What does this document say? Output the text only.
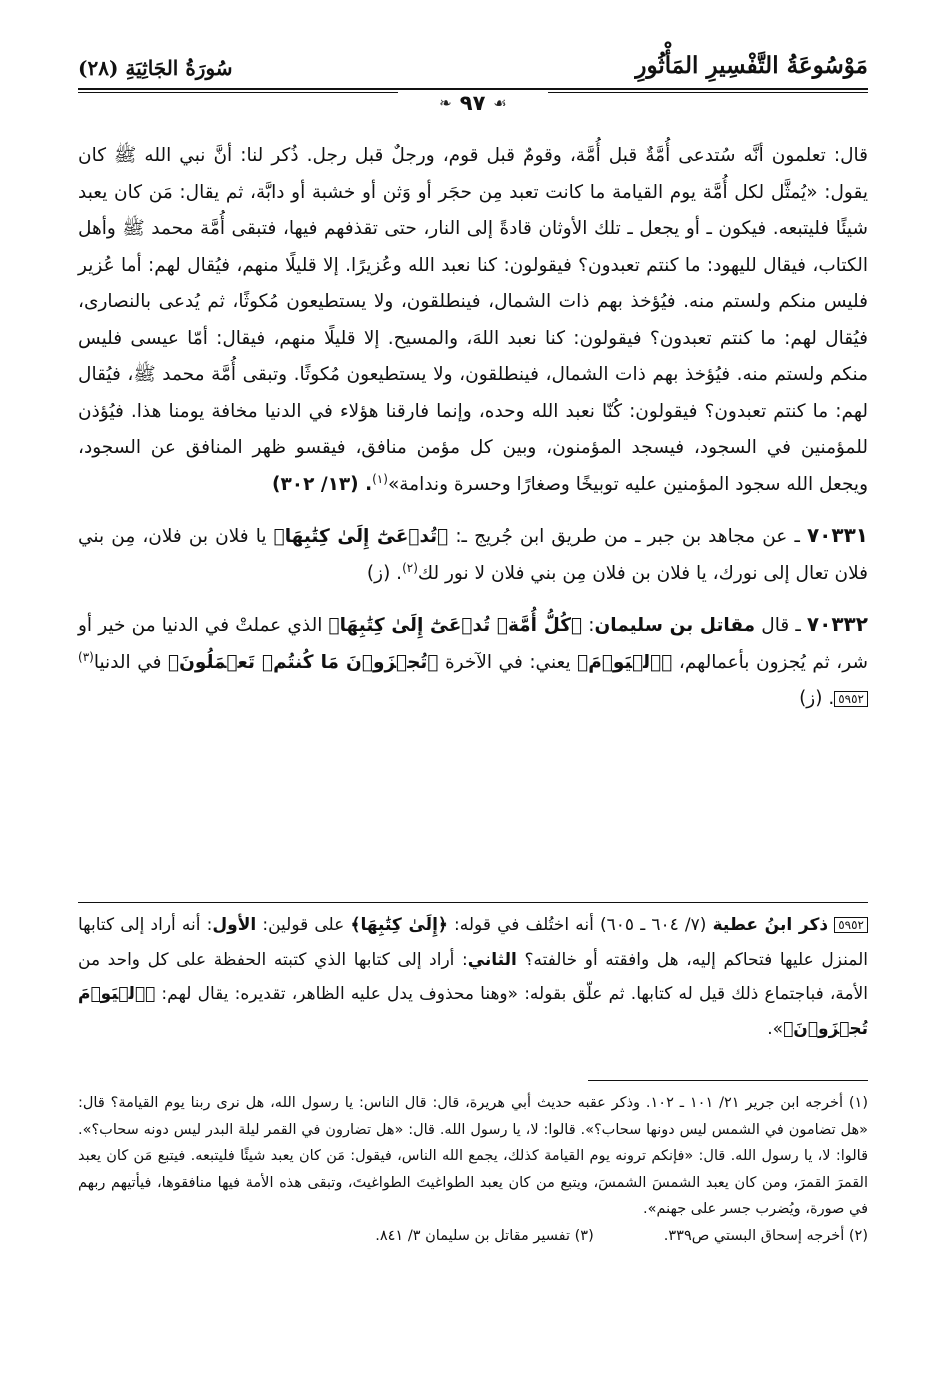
مَوْسُوعَةُ التَّفْسِيرِ المَأْثُورِ
سُورَةُ الجَاثِيَةِ (٢٨)
☙
٩٧
❧

قال: تعلمون أنَّه سُتدعى أُمَّةٌ قبل أُمَّة، وقومٌ قبل قوم، ورجلٌ قبل رجل. ذُكر لنا: أنَّ نبي الله ﷺ كان يقول: «يُمثَّل لكل أُمَّة يوم القيامة ما كانت تعبد مِن حجَر أو وَثن أو خشبة أو دابَّة، ثم يقال: مَن كان يعبد شيئًا فليتبعه. فيكون ـ أو يجعل ـ تلك الأوثان قادةً إلى النار، حتى تقذفهم فيها، فتبقى أُمَّة محمد ﷺ وأهل الكتاب، فيقال لليهود: ما كنتم تعبدون؟ فيقولون: كنا نعبد الله وعُزيرًا. إلا قليلًا منهم، فيُقال لهم: أما عُزير فليس منكم ولستم منه. فيُؤخذ بهم ذات الشمال، فينطلقون، ولا يستطيعون مُكوثًا، ثم يُدعى بالنصارى، فيُقال لهم: ما كنتم تعبدون؟ فيقولون: كنا نعبد اللهَ، والمسيح. إلا قليلًا منهم، فيقال: أمّا عيسى فليس منكم ولستم منه. فيُؤخذ بهم ذات الشمال، فينطلقون، ولا يستطيعون مُكوثًا. وتبقى أُمَّة محمد ﷺ، فيُقال لهم: ما كنتم تعبدون؟ فيقولون: كُنّا نعبد الله وحده، وإنما فارقنا هؤلاء في الدنيا مخافة يومنا هذا. فيُؤذن للمؤمنين في السجود، فيسجد المؤمنون، وبين كل مؤمن منافق، فيقسو ظهر المنافق عن السجود، ويجعل الله سجود المؤمنين عليه توبيخًا وصغارًا وحسرة وندامة»$^{(١)}$. (١٣/ ٣٠٢)

٧٠٣٣١ ـ عن مجاهد بن جبر ـ من طريق ابن جُريج ـ: ﴿تُدۡعَىٰٓ إِلَىٰ كِتَٰبِهَا﴾ يا فلان بن فلان، مِن بني فلان تعال إلى نورك، يا فلان بن فلان مِن بني فلان لا نور لك$^{(٢)}$. (ز)

٧٠٣٣٢ ـ قال مقاتل بن سليمان: ﴿كُلُّ أُمَّةٖ تُدۡعَىٰٓ إِلَىٰ كِتَٰبِهَا﴾ الذي عملتْ في الدنيا من خير أو شر، ثم يُجزون بأعمالهم، ﴿ٱلۡيَوۡمَ﴾ يعني: في الآخرة ﴿تُجۡزَوۡنَ مَا كُنتُمۡ تَعۡمَلُونَ﴾ في الدنيا$^{(٣)}$٥٩٥٢. (ز)

٥٩٥٢ ذكر ابنُ عطية (٧/ ٦٠٤ ـ ٦٠٥) أنه اختُلف في قوله: ﴿إِلَىٰ كِتَٰبِهَا﴾ على قولين: الأول: أنه أراد إلى كتابها المنزل عليها فتحاكم إليه، هل وافقته أو خالفته؟ الثاني: أراد إلى كتابها الذي كتبته الحفظة على كل واحد من الأمة، فباجتماع ذلك قيل له كتابها. ثم علّق بقوله: «وهنا محذوف يدل عليه الظاهر، تقديره: يقال لهم: ﴿ٱلۡيَوۡمَ تُجۡزَوۡنَ﴾».

(١) أخرجه ابن جرير ٢١/ ١٠١ ـ ١٠٢. وذكر عقبه حديث أبي هريرة، قال: قال الناس: يا رسول الله، هل نرى ربنا يوم القيامة؟ قال: «هل تضامون في الشمس ليس دونها سحاب؟». قالوا: لا، يا رسول الله. قال: «هل تضارون في القمر ليلة البدر ليس دونه سحاب؟». قالوا: لا، يا رسول الله. قال: «فإنكم ترونه يوم القيامة كذلك، يجمع الله الناس، فيقول: مَن كان يعبد شيئًا فليتبعه. فيتبع مَن كان يعبد القمرَ القمرَ، ومن كان يعبد الشمسَ الشمسَ، ويتبع من كان يعبد الطواغيتَ الطواغيتَ، وتبقى هذه الأمة فيها منافقوها، فيأتيهم ربهم في صورة، ويُضرب جسر على جهنم».

(٢) أخرجه إسحاق البستي ص٣٣٩.
(٣) تفسير مقاتل بن سليمان ٣/ ٨٤١.
